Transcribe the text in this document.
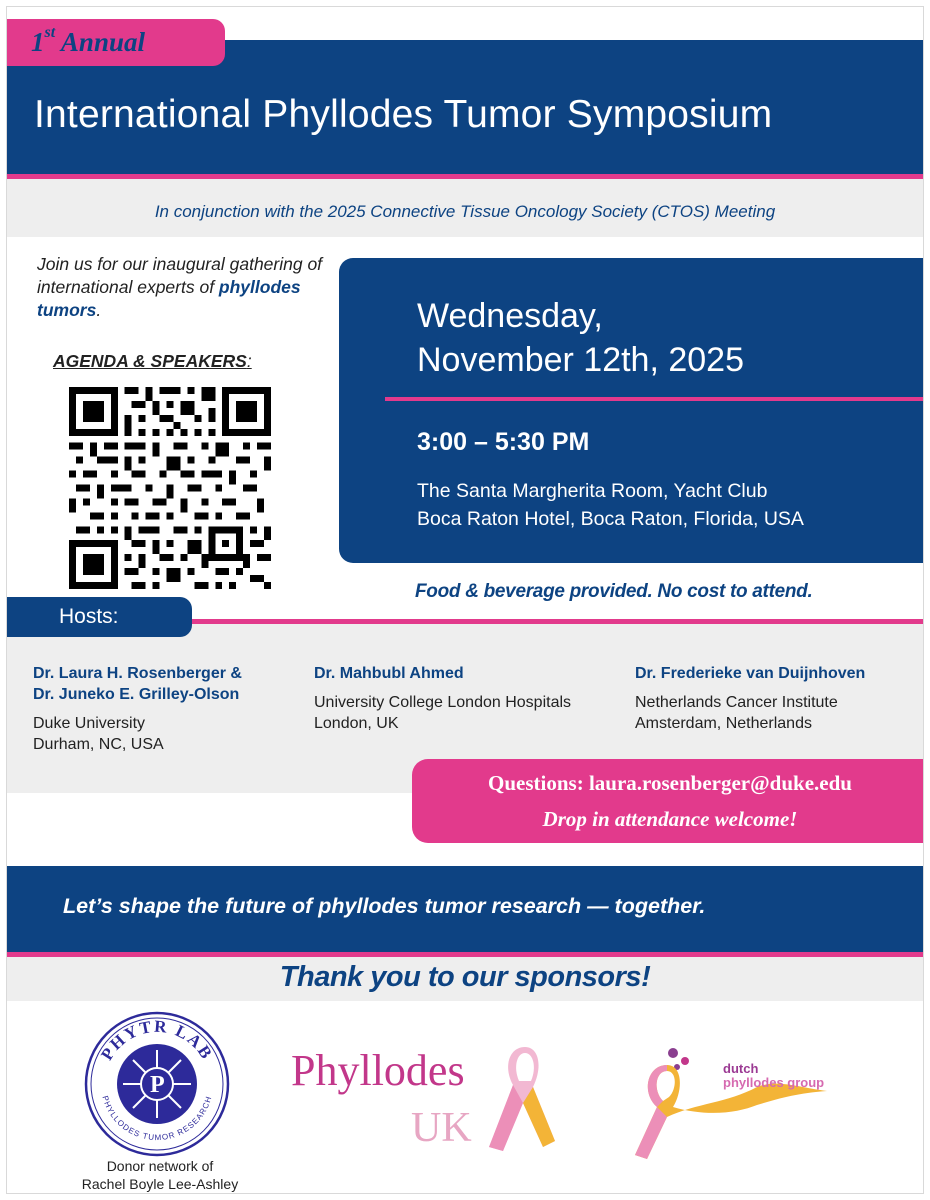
1st Annual
International Phyllodes Tumor Symposium
In conjunction with the 2025 Connective Tissue Oncology Society (CTOS) Meeting
Join us for our inaugural gathering of international experts of phyllodes tumors.
AGENDA & SPEAKERS:
Wednesday,
November 12th, 2025
3:00 – 5:30 PM
The Santa Margherita Room, Yacht Club
Boca Raton Hotel, Boca Raton, Florida, USA
Food & beverage provided. No cost to attend.
Hosts:
Dr. Laura H. Rosenberger &
Dr. Juneko E. Grilley-Olson
Duke University
Durham, NC, USA
Dr. Mahbubl Ahmed
University College London Hospitals
London, UK
Dr. Frederieke van Duijnhoven
Netherlands Cancer Institute
Amsterdam, Netherlands
Questions: laura.rosenberger@duke.edu
Drop in attendance welcome!
Let’s shape the future of phyllodes tumor research — together.
Thank you to our sponsors!
P
PHYTR LAB
PHYLLODES TUMOR RESEARCH
Donor network of
Rachel Boyle Lee-Ashley
Phyllodes
UK
dutch
phyllodes group
